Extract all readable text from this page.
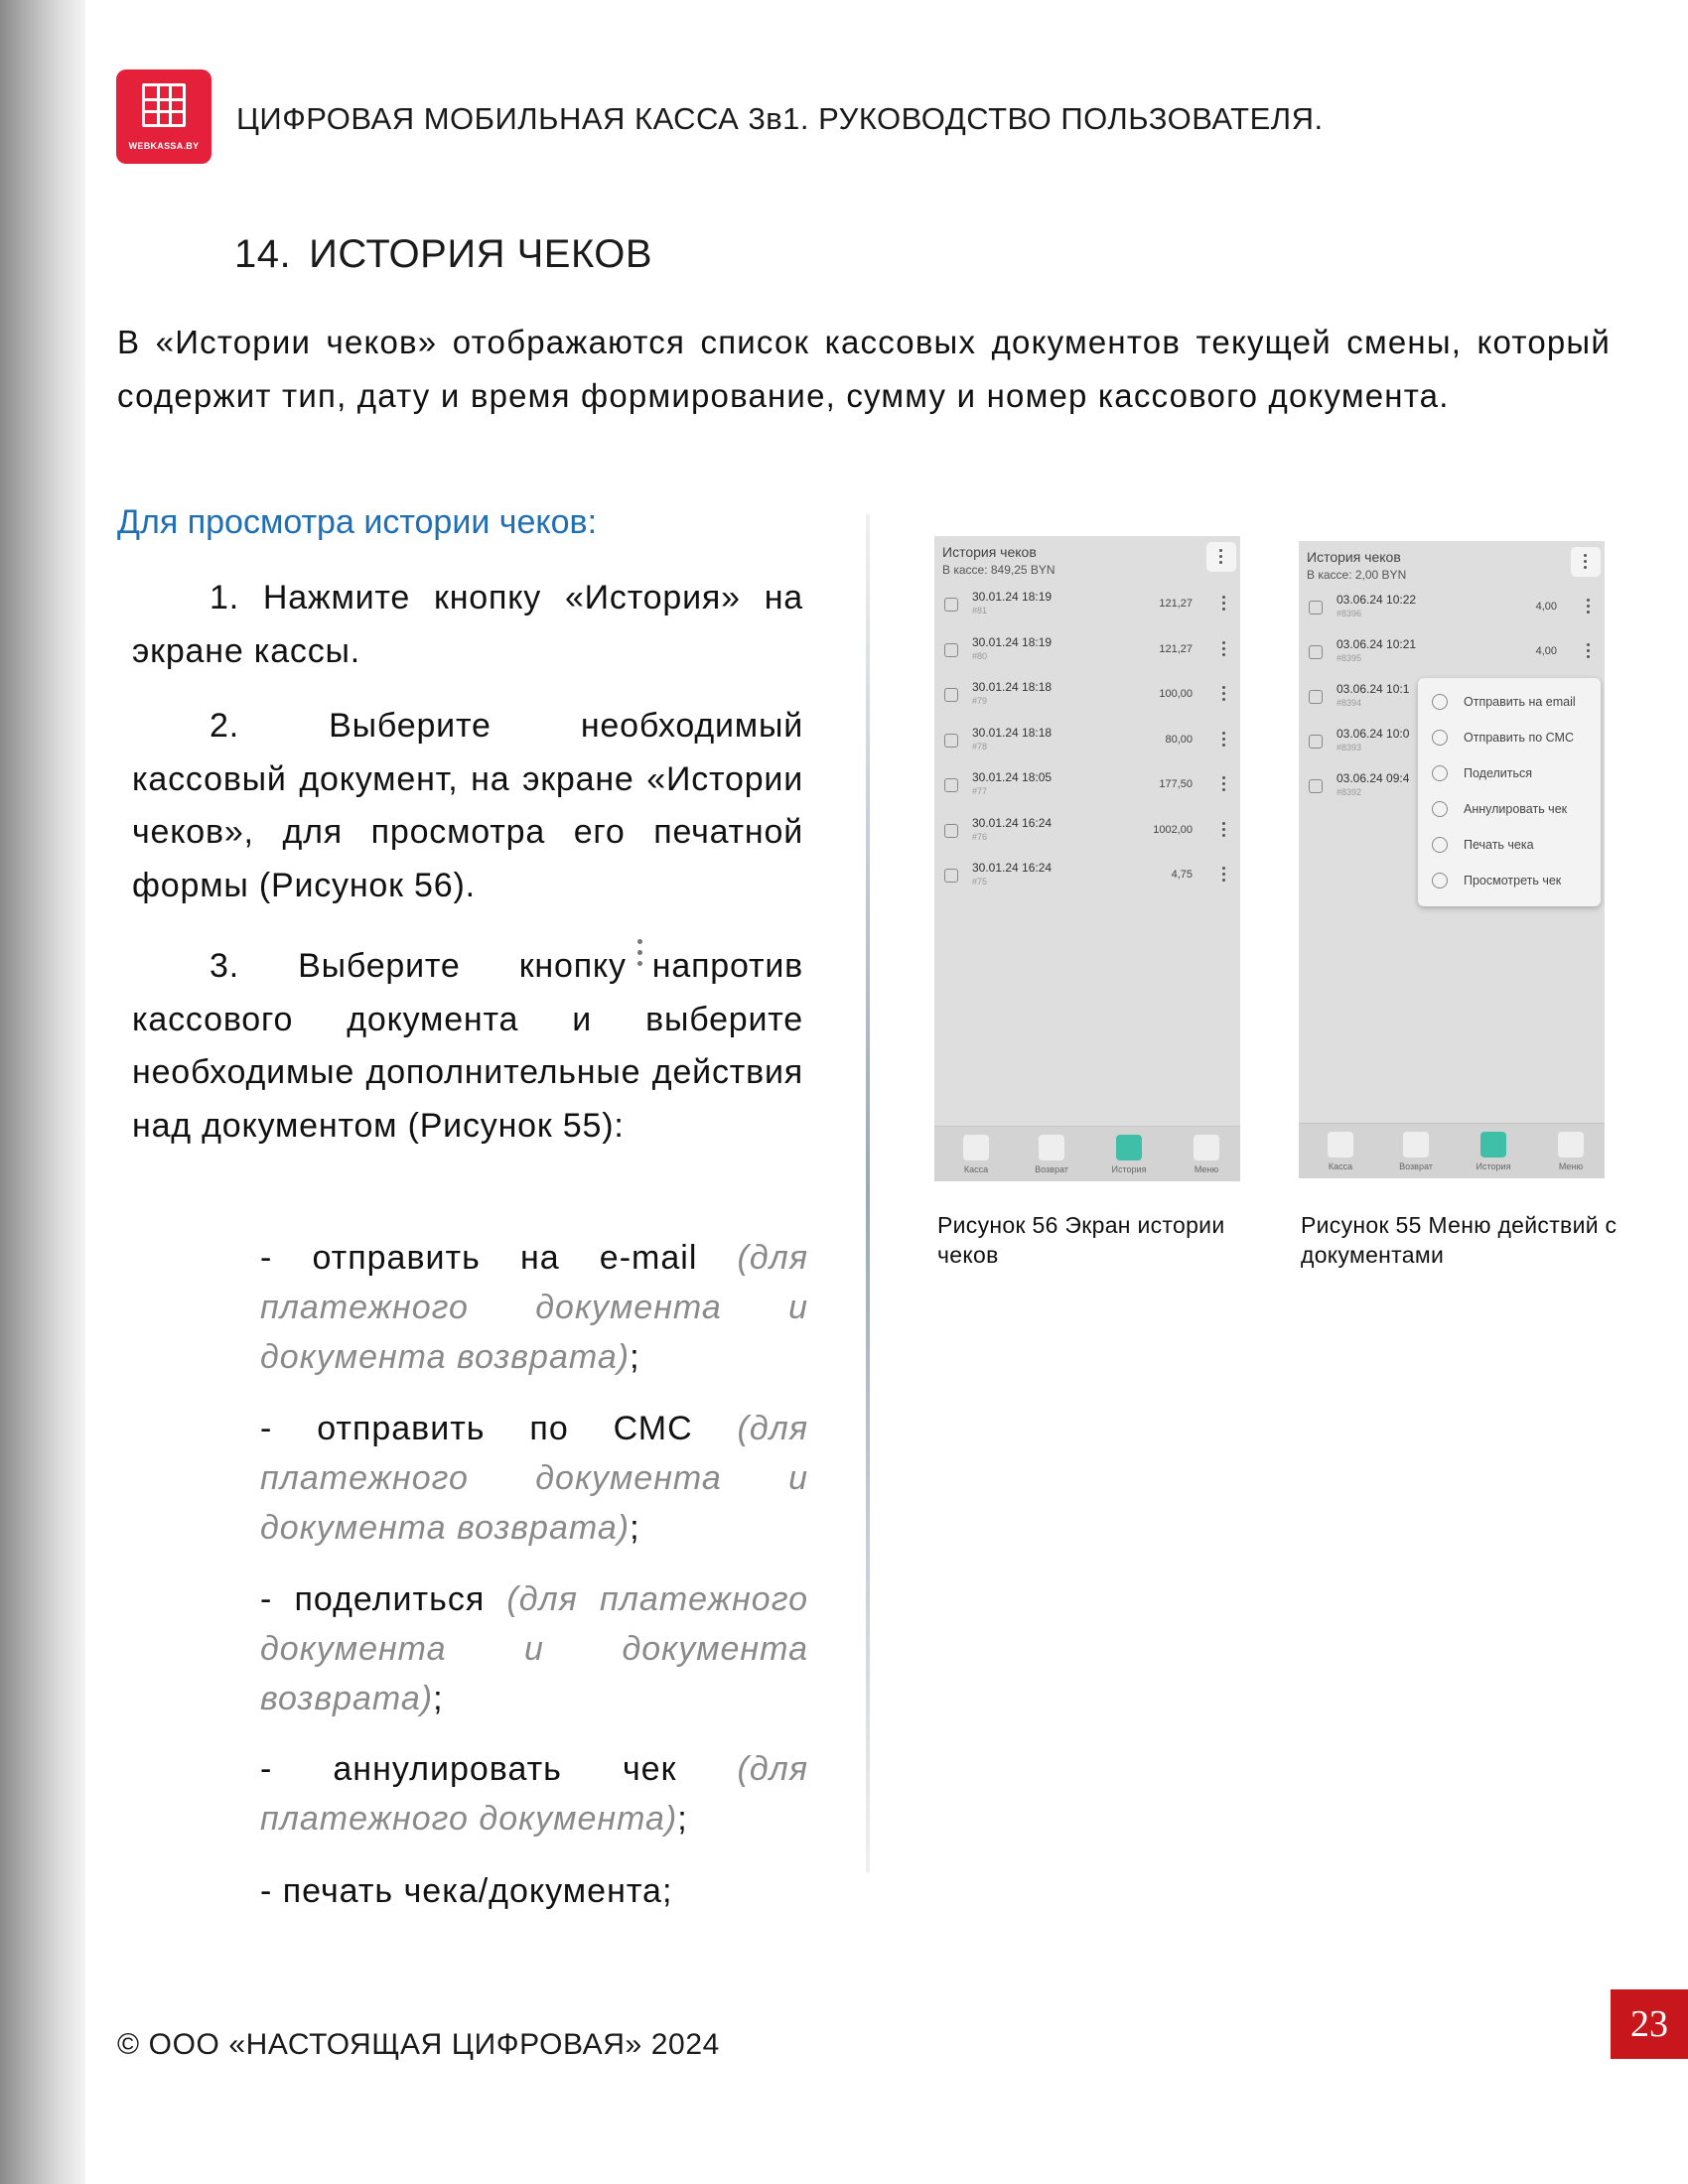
WEBKASSA.BY
ЦИФРОВАЯ МОБИЛЬНАЯ КАССА 3в1. РУКОВОДСТВО ПОЛЬЗОВАТЕЛЯ.
14. ИСТОРИЯ ЧЕКОВ

В «Истории чеков» отображаются список кассовых документов текущей смены, который содержит тип, дату и время формирование, сумму и номер кассового документа.

Для просмотра истории чеков:

1. Нажмите кнопку «История» на экране кассы.

2. Выберите необходимый кассовый документ, на экране «Истории чеков», для просмотра его печатной формы (Рисунок 56).

3. Выберите кнопку напротив кассового документа и выберите необходимые дополнительные действия над документом (Рисунок 55):

- отправить на e-mail (для платежного документа и документа возврата);
- отправить по СМС (для платежного документа и документа возврата);
- поделиться (для платежного документа и документа возврата);
- аннулировать чек (для платежного документа);
- печать чека/документа;
История чеков
В кассе: 849,25 BYN
30.01.24 18:19
#81
121,27
30.01.24 18:19
#80
121,27
30.01.24 18:18
#79
100,00
30.01.24 18:18
#78
80,00
30.01.24 18:05
#77
177,50
30.01.24 16:24
#76
1002,00
30.01.24 16:24
#75
4,75
Касса	Возврат	История	Меню
История чеков
В кассе: 2,00 BYN
03.06.24 10:22
#8396
4,00
03.06.24 10:21
#8395
4,00
03.06.24 10:1
#8394
03.06.24 10:0
#8393
03.06.24 09:4
#8392
Отправить на email
Отправить по СМС
Поделиться
Аннулировать чек
Печать чека
Просмотреть чек
Касса	Возврат	История	Меню
Рисунок 56 Экран истории чеков
Рисунок 55 Меню действий с документами
© ООО «НАСТОЯЩАЯ ЦИФРОВАЯ» 2024	23
